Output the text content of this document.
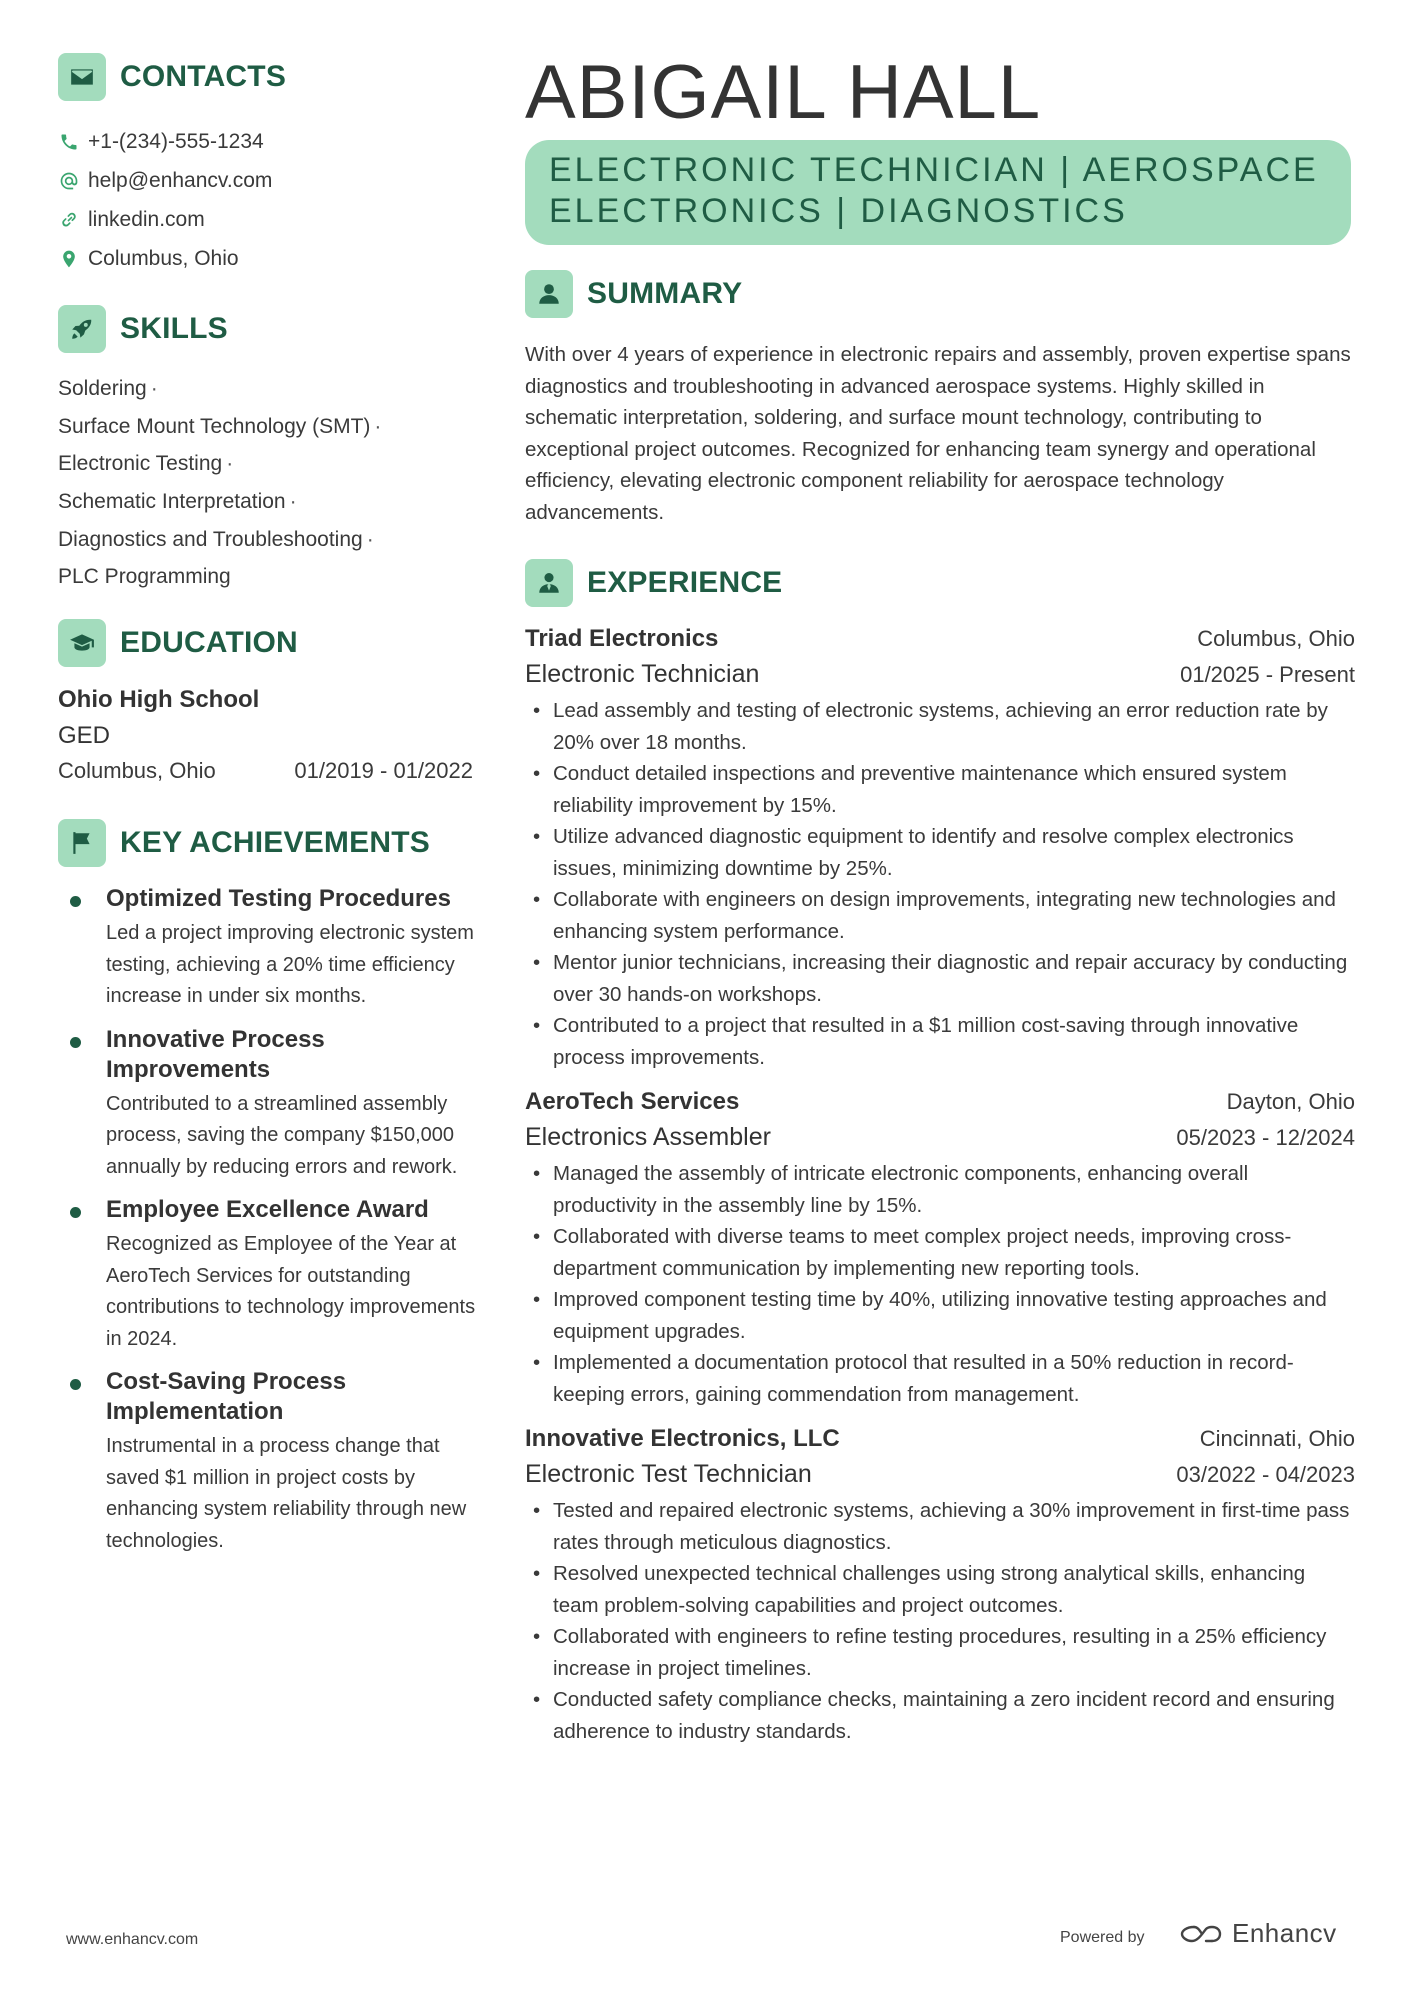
CONTACTS
+1-(234)-555-1234
help@enhancv.com
linkedin.com
Columbus, Ohio
SKILLS
Soldering ·
Surface Mount Technology (SMT) ·
Electronic Testing ·
Schematic Interpretation ·
Diagnostics and Troubleshooting ·
PLC Programming
EDUCATION
Ohio High School
GED
Columbus, Ohio	01/2019 - 01/2022
KEY ACHIEVEMENTS
Optimized Testing Procedures
Led a project improving electronic system testing, achieving a 20% time efficiency increase in under six months.
Innovative Process Improvements
Contributed to a streamlined assembly process, saving the company $150,000 annually by reducing errors and rework.
Employee Excellence Award
Recognized as Employee of the Year at AeroTech Services for outstanding contributions to technology improvements in 2024.
Cost-Saving Process Implementation
Instrumental in a process change that saved $1 million in project costs by enhancing system reliability through new technologies.
ABIGAIL HALL
ELECTRONIC TECHNICIAN | AEROSPACE ELECTRONICS | DIAGNOSTICS
SUMMARY
With over 4 years of experience in electronic repairs and assembly, proven expertise spans diagnostics and troubleshooting in advanced aerospace systems. Highly skilled in schematic interpretation, soldering, and surface mount technology, contributing to exceptional project outcomes. Recognized for enhancing team synergy and operational efficiency, elevating electronic component reliability for aerospace technology advancements.
EXPERIENCE
Triad Electronics	Columbus, Ohio
Electronic Technician	01/2025 - Present
• Lead assembly and testing of electronic systems, achieving an error reduction rate by 20% over 18 months.
• Conduct detailed inspections and preventive maintenance which ensured system reliability improvement by 15%.
• Utilize advanced diagnostic equipment to identify and resolve complex electronics issues, minimizing downtime by 25%.
• Collaborate with engineers on design improvements, integrating new technologies and enhancing system performance.
• Mentor junior technicians, increasing their diagnostic and repair accuracy by conducting over 30 hands-on workshops.
• Contributed to a project that resulted in a $1 million cost-saving through innovative process improvements.
AeroTech Services	Dayton, Ohio
Electronics Assembler	05/2023 - 12/2024
• Managed the assembly of intricate electronic components, enhancing overall productivity in the assembly line by 15%.
• Collaborated with diverse teams to meet complex project needs, improving cross-department communication by implementing new reporting tools.
• Improved component testing time by 40%, utilizing innovative testing approaches and equipment upgrades.
• Implemented a documentation protocol that resulted in a 50% reduction in record-keeping errors, gaining commendation from management.
Innovative Electronics, LLC	Cincinnati, Ohio
Electronic Test Technician	03/2022 - 04/2023
• Tested and repaired electronic systems, achieving a 30% improvement in first-time pass rates through meticulous diagnostics.
• Resolved unexpected technical challenges using strong analytical skills, enhancing team problem-solving capabilities and project outcomes.
• Collaborated with engineers to refine testing procedures, resulting in a 25% efficiency increase in project timelines.
• Conducted safety compliance checks, maintaining a zero incident record and ensuring adherence to industry standards.
www.enhancv.com	Powered by	Enhancv
